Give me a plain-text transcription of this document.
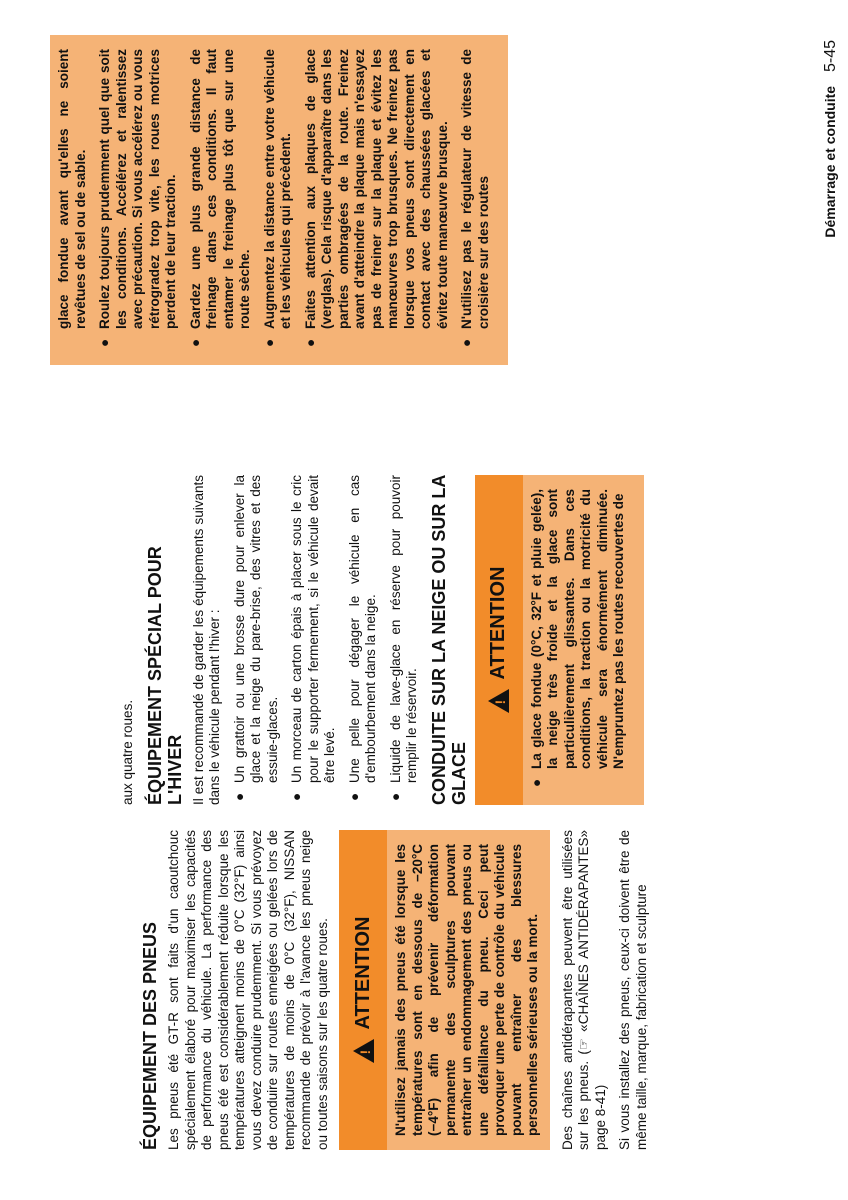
ÉQUIPEMENT DES PNEUS Les pneus été GT-R sont faits d'un caoutchouc spécialement élaboré pour maximiser les capacités de performance du véhicule. La performance des pneus été est considérablement réduite lorsque les températures atteignent moins de 0°C (32°F) ainsi vous devez conduire prudemment. Si vous prévoyez de conduire sur routes enneigées ou gelées lors de températures de moins de 0°C (32°F), NISSAN recommande de prévoir à l'avance les pneus neige ou toutes saisons sur les quatre roues. !
ATTENTION	N'utilisez jamais des pneus été lorsque les températures sont en dessous de −20°C (−4°F) afin de prévenir déformation permanente des sculptures pouvant entraîner un endommagement des pneus ou une défaillance du pneu. Ceci peut provoquer une perte de contrôle du véhicule pouvant entraîner des blessures personnelles sérieuses ou la mort.	Des chaînes antidérapantes peuvent être utilisées sur les pneus. (☞ «CHAÎNES ANTIDÉRAPANTES» page 8-41) Si vous installez des pneus, ceux-ci doivent être de même taille, marque, fabrication et sculpture

aux quatre roues. ÉQUIPEMENT SPÉCIAL POUR L'HIVER Il est recommandé de garder les équipements suivants dans le véhicule pendant l'hiver : ●
Un grattoir ou une brosse dure pour enlever la glace et la neige du pare-brise, des vitres et des essuie-glaces.
●
Un morceau de carton épais à placer sous le cric pour le supporter fermement, si le véhicule devait être levé.
●
Une pelle pour dégager le véhicule en cas d'embourbement dans la neige.
●
Liquide de lave-glace en réserve pour pouvoir remplir le réservoir. CONDUITE SUR LA NEIGE OU SUR LA GLACE
!
ATTENTION
●
La glace fondue (0°C, 32°F et pluie gelée), la neige très froide et la glace sont particulièrement glissantes. Dans ces conditions, la traction ou la motricité du véhicule sera énormément diminuée. N'empruntez pas les routes recouvertes de
glace fondue avant qu'elles ne soient revêtues de sel ou de sable.
●
Roulez toujours prudemment quel que soit les conditions. Accélérez et ralentissez avec précaution. Si vous accélérez ou vous rétrogradez trop vite, les roues motrices perdent de leur traction.
●
Gardez une plus grande distance de freinage dans ces conditions. Il faut entamer le freinage plus tôt que sur une route sèche.
●
Augmentez la distance entre votre véhicule et les véhicules qui précèdent.
●
Faites attention aux plaques de glace (verglas). Cela risque d'apparaître dans les parties ombragées de la route. Freinez avant d'atteindre la plaque mais n'essayez pas de freiner sur la plaque et évitez les manœuvres trop brusques. Ne freinez pas lorsque vos pneus sont directement en contact avec des chaussées glacées et évitez toute manœuvre brusque.
●
N'utilisez pas le régulateur de vitesse de croisière sur des routes
Démarrage et conduite 5-45
